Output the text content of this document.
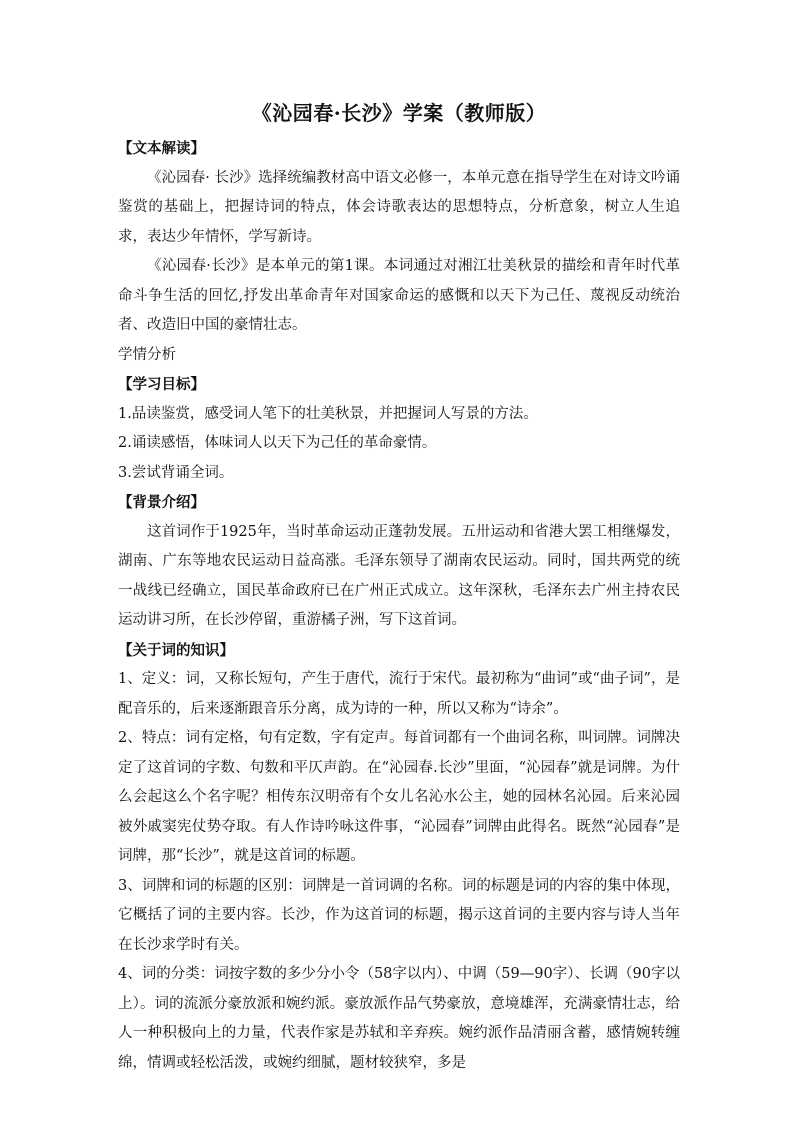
《沁园春·长沙》学案（教师版）
【文本解读】

《沁园春· 长沙》选择统编教材高中语文必修一，本单元意在指导学生在对诗文吟诵鉴赏的基础上，把握诗词的特点，体会诗歌表达的思想特点，分析意象，树立人生追求，表达少年情怀，学写新诗。

《沁园春·长沙》是本单元的第1课。本词通过对湘江壮美秋景的描绘和青年时代革命斗争生活的回忆,抒发出革命青年对国家命运的感慨和以天下为己任、蔑视反动统治者、改造旧中国的豪情壮志。

学情分析
【学习目标】
1.品读鉴赏，感受词人笔下的壮美秋景，并把握词人写景的方法。
2.诵读感悟，体味词人以天下为己任的革命豪情。
3.尝试背诵全词。
【背景介绍】

这首词作于1925年，当时革命运动正蓬勃发展。五卅运动和省港大罢工相继爆发，湖南、广东等地农民运动日益高涨。毛泽东领导了湖南农民运动。同时，国共两党的统一战线已经确立，国民革命政府已在广州正式成立。这年深秋，毛泽东去广州主持农民运动讲习所，在长沙停留，重游橘子洲，写下这首词。

【关于词的知识】

1、定义：词，又称长短句，产生于唐代，流行于宋代。最初称为“曲词”或“曲子词”，是配音乐的，后来逐渐跟音乐分离，成为诗的一种，所以又称为“诗余”。

2、特点：词有定格，句有定数，字有定声。每首词都有一个曲词名称，叫词牌。词牌决定了这首词的字数、句数和平仄声韵。在“沁园春.长沙”里面，“沁园春”就是词牌。为什么会起这么个名字呢？相传东汉明帝有个女儿名沁水公主，她的园林名沁园。后来沁园被外戚窦宪仗势夺取。有人作诗吟咏这件事，“沁园春”词牌由此得名。既然“沁园春”是词牌，那“长沙”，就是这首词的标题。

3、词牌和词的标题的区别：词牌是一首词调的名称。词的标题是词的内容的集中体现，它概括了词的主要内容。长沙，作为这首词的标题，揭示这首词的主要内容与诗人当年在长沙求学时有关。

4、词的分类：词按字数的多少分小令（58字以内）、中调（59—90字）、长调（90字以上）。词的流派分豪放派和婉约派。豪放派作品气势豪放，意境雄浑，充满豪情壮志，给人一种积极向上的力量，代表作家是苏轼和辛弃疾。婉约派作品清丽含蓄，感情婉转缠绵，情调或轻松活泼，或婉约细腻，题材较狭窄，多是
